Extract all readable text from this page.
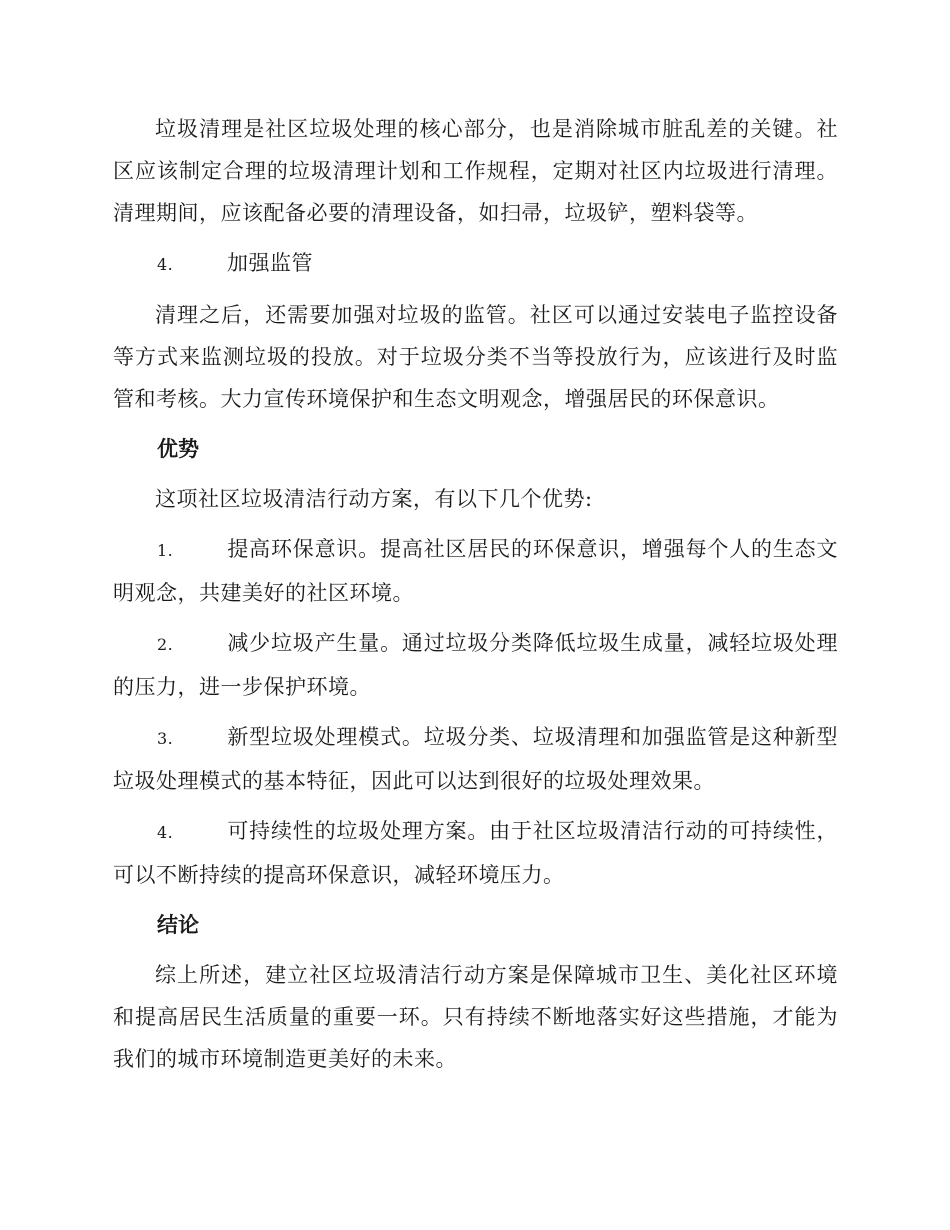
垃圾清理是社区垃圾处理的核心部分，也是消除城市脏乱差的关键。社区应该制定合理的垃圾清理计划和工作规程，定期对社区内垃圾进行清理。清理期间，应该配备必要的清理设备，如扫帚，垃圾铲，塑料袋等。

4.	加强监管

清理之后，还需要加强对垃圾的监管。社区可以通过安装电子监控设备等方式来监测垃圾的投放。对于垃圾分类不当等投放行为，应该进行及时监管和考核。大力宣传环境保护和生态文明观念，增强居民的环保意识。

优势

这项社区垃圾清洁行动方案，有以下几个优势:

1.	提高环保意识。提高社区居民的环保意识，增强每个人的生态文明观念，共建美好的社区环境。

2.	减少垃圾产生量。通过垃圾分类降低垃圾生成量，减轻垃圾处理的压力，进一步保护环境。

3.	新型垃圾处理模式。垃圾分类、垃圾清理和加强监管是这种新型垃圾处理模式的基本特征，因此可以达到很好的垃圾处理效果。

4.	可持续性的垃圾处理方案。由于社区垃圾清洁行动的可持续性，可以不断持续的提高环保意识，减轻环境压力。

结论

综上所述，建立社区垃圾清洁行动方案是保障城市卫生、美化社区环境和提高居民生活质量的重要一环。只有持续不断地落实好这些措施，才能为我们的城市环境制造更美好的未来。
